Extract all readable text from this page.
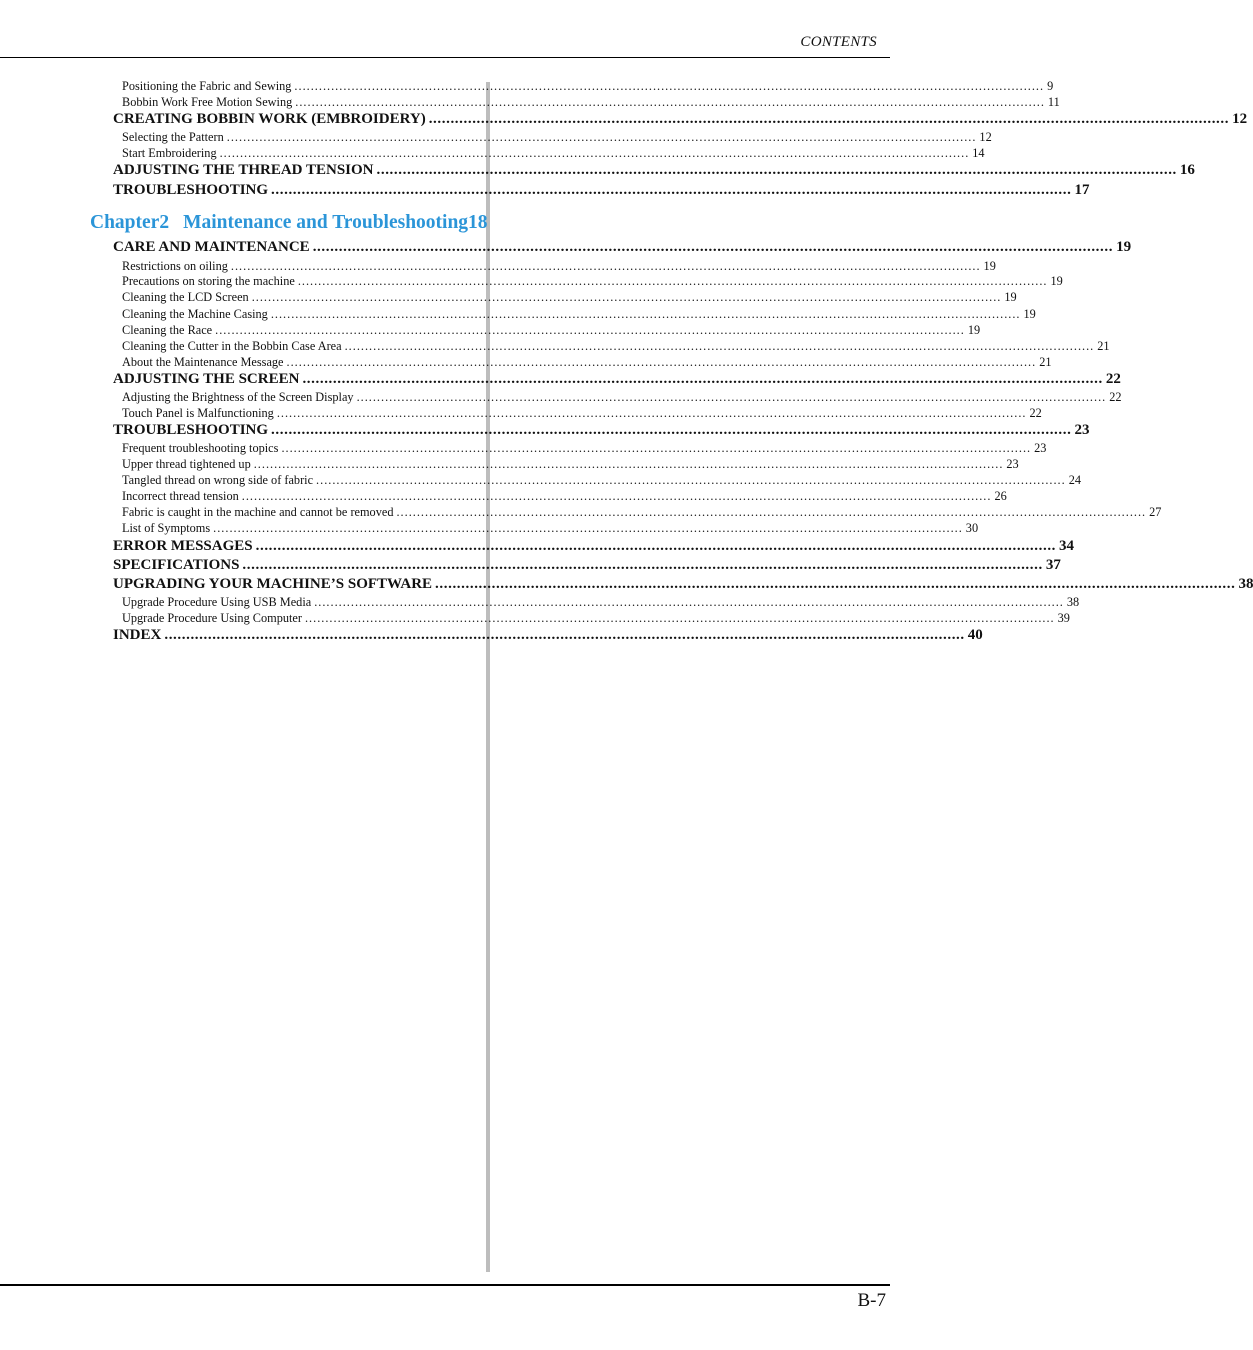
CONTENTS
Positioning the Fabric and Sewing .....	9
Bobbin Work Free Motion Sewing .....	11
CREATING BOBBIN WORK (EMBROIDERY) .....	12
Selecting the Pattern .....	12
Start Embroidering .....	14
ADJUSTING THE THREAD TENSION .....	16
TROUBLESHOOTING .....	17
Chapter2 Maintenance and Troubleshooting 18
CARE AND MAINTENANCE .....	19
Restrictions on oiling .....	19
Precautions on storing the machine .....	19
Cleaning the LCD Screen .....	19
Cleaning the Machine Casing .....	19
Cleaning the Race .....	19
Cleaning the Cutter in the Bobbin Case Area .....	21
About the Maintenance Message .....	21
ADJUSTING THE SCREEN .....	22
Adjusting the Brightness of the Screen Display .....	22
Touch Panel is Malfunctioning .....	22
TROUBLESHOOTING .....	23
Frequent troubleshooting topics .....	23
Upper thread tightened up .....	23
Tangled thread on wrong side of fabric .....	24
Incorrect thread tension .....	26
Fabric is caught in the machine and cannot be removed .....	27
List of Symptoms .....	30
ERROR MESSAGES .....	34
SPECIFICATIONS .....	37
UPGRADING YOUR MACHINE’S SOFTWARE .....	38
Upgrade Procedure Using USB Media .....	38
Upgrade Procedure Using Computer .....	39
INDEX .....	40
B-7
